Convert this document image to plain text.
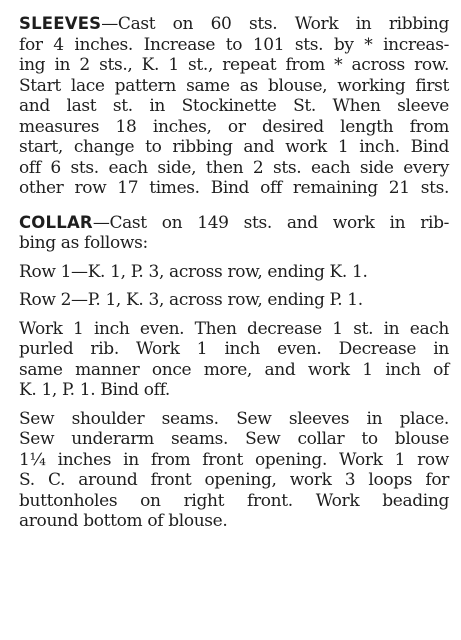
SLEEVES—Cast on 60 sts. Work in ribbing
for 4 inches. Increase to 101 sts. by * increas-
ing in 2 sts., K. 1 st., repeat from * across row.
Start lace pattern same as blouse, working first
and last st. in Stockinette St. When sleeve
measures 18 inches, or desired length from
start, change to ribbing and work 1 inch. Bind
off 6 sts. each side, then 2 sts. each side every
other row 17 times. Bind off remaining 21 sts.

COLLAR—Cast on 149 sts. and work in rib-
bing as follows:

Row 1—K. 1, P. 3, across row, ending K. 1.

Row 2—P. 1, K. 3, across row, ending P. 1.

Work 1 inch even. Then decrease 1 st. in each
purled rib. Work 1 inch even. Decrease in
same manner once more, and work 1 inch of
K. 1, P. 1. Bind off.

Sew shoulder seams. Sew sleeves in place.
Sew underarm seams. Sew collar to blouse
1¼ inches in from front opening. Work 1 row
S. C. around front opening, work 3 loops for
buttonholes on right front. Work beading
around bottom of blouse.
